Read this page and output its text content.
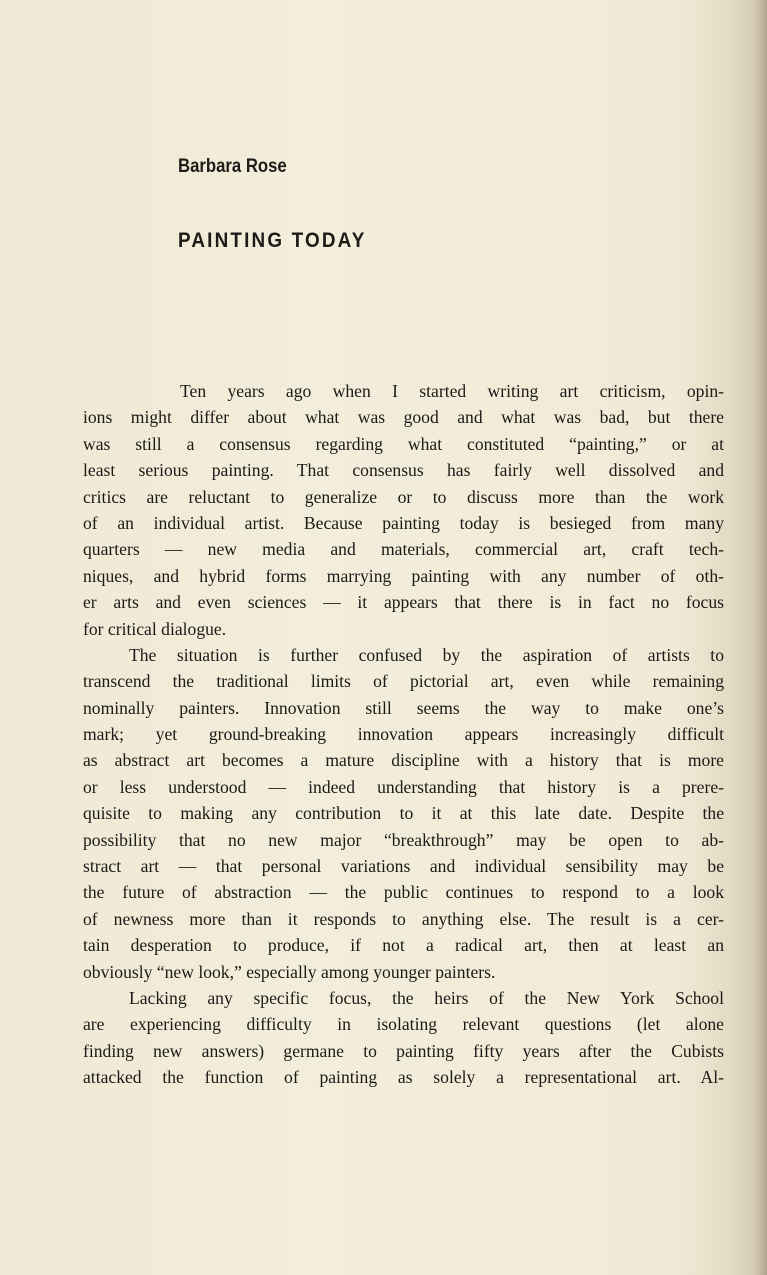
Barbara Rose
PAINTING TODAY
Ten years ago when I started writing art criticism, opin-
ions might differ about what was good and what was bad, but there
was still a consensus regarding what constituted “painting,” or at
least serious painting. That consensus has fairly well dissolved and
critics are reluctant to generalize or to discuss more than the work
of an individual artist. Because painting today is besieged from many
quarters — new media and materials, commercial art, craft tech-
niques, and hybrid forms marrying painting with any number of oth-
er arts and even sciences — it appears that there is in fact no focus
for critical dialogue.
The situation is further confused by the aspiration of artists to
transcend the traditional limits of pictorial art, even while remaining
nominally painters. Innovation still seems the way to make one’s
mark; yet ground-breaking innovation appears increasingly difficult
as abstract art becomes a mature discipline with a history that is more
or less understood — indeed understanding that history is a prere-
quisite to making any contribution to it at this late date. Despite the
possibility that no new major “breakthrough” may be open to ab-
stract art — that personal variations and individual sensibility may be
the future of abstraction — the public continues to respond to a look
of newness more than it responds to anything else. The result is a cer-
tain desperation to produce, if not a radical art, then at least an
obviously “new look,” especially among younger painters.
Lacking any specific focus, the heirs of the New York School
are experiencing difficulty in isolating relevant questions (let alone
finding new answers) germane to painting fifty years after the Cubists
attacked the function of painting as solely a representational art. Al-
